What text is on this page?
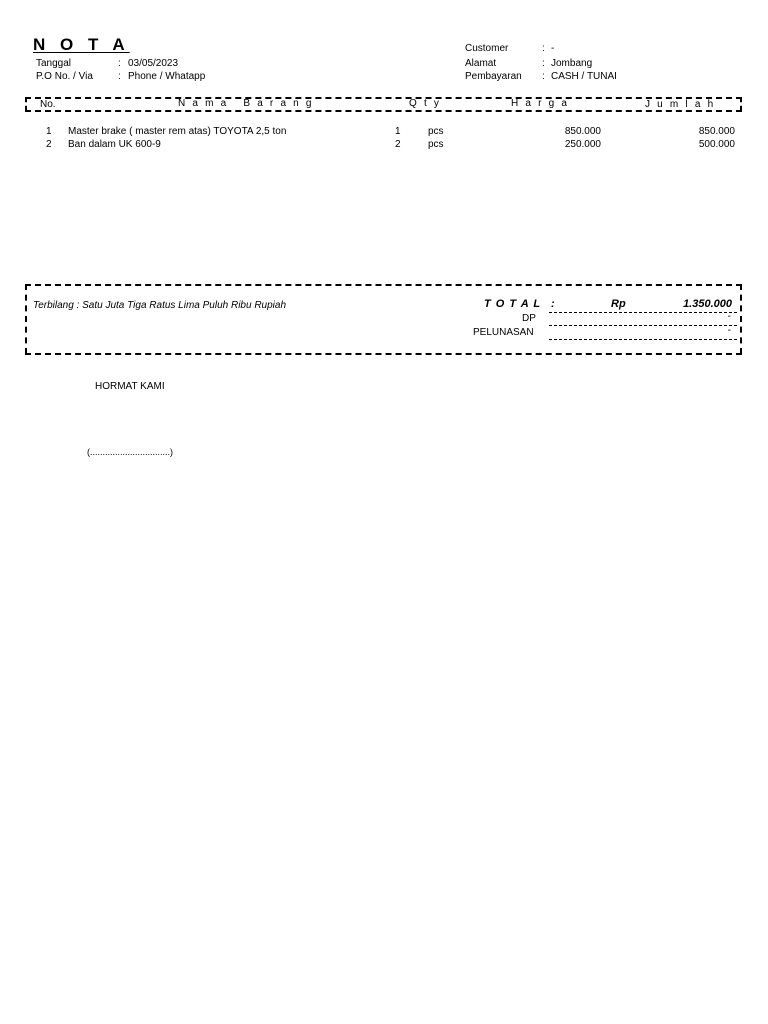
N O T A
Tanggal	: 03/05/2023
P.O No. / Via	: Phone / Whatapp
Customer	: -
Alamat	: Jombang
Pembayaran : CASH / TUNAI
No.	N a m a   B a r a n g	Q t y	H a r g a	J u m l a h
1 Master brake ( master rem atas) TOYOTA 2,5 ton	1	pcs	850.000	850.000
2 Ban dalam UK 600-9	2	pcs	250.000	500.000
Terbilang : Satu Juta Tiga Ratus Lima Puluh Ribu Rupiah	T O T A L :	Rp	1.350.000
DP	-
PELUNASAN	-
HORMAT KAMI
(................................)
